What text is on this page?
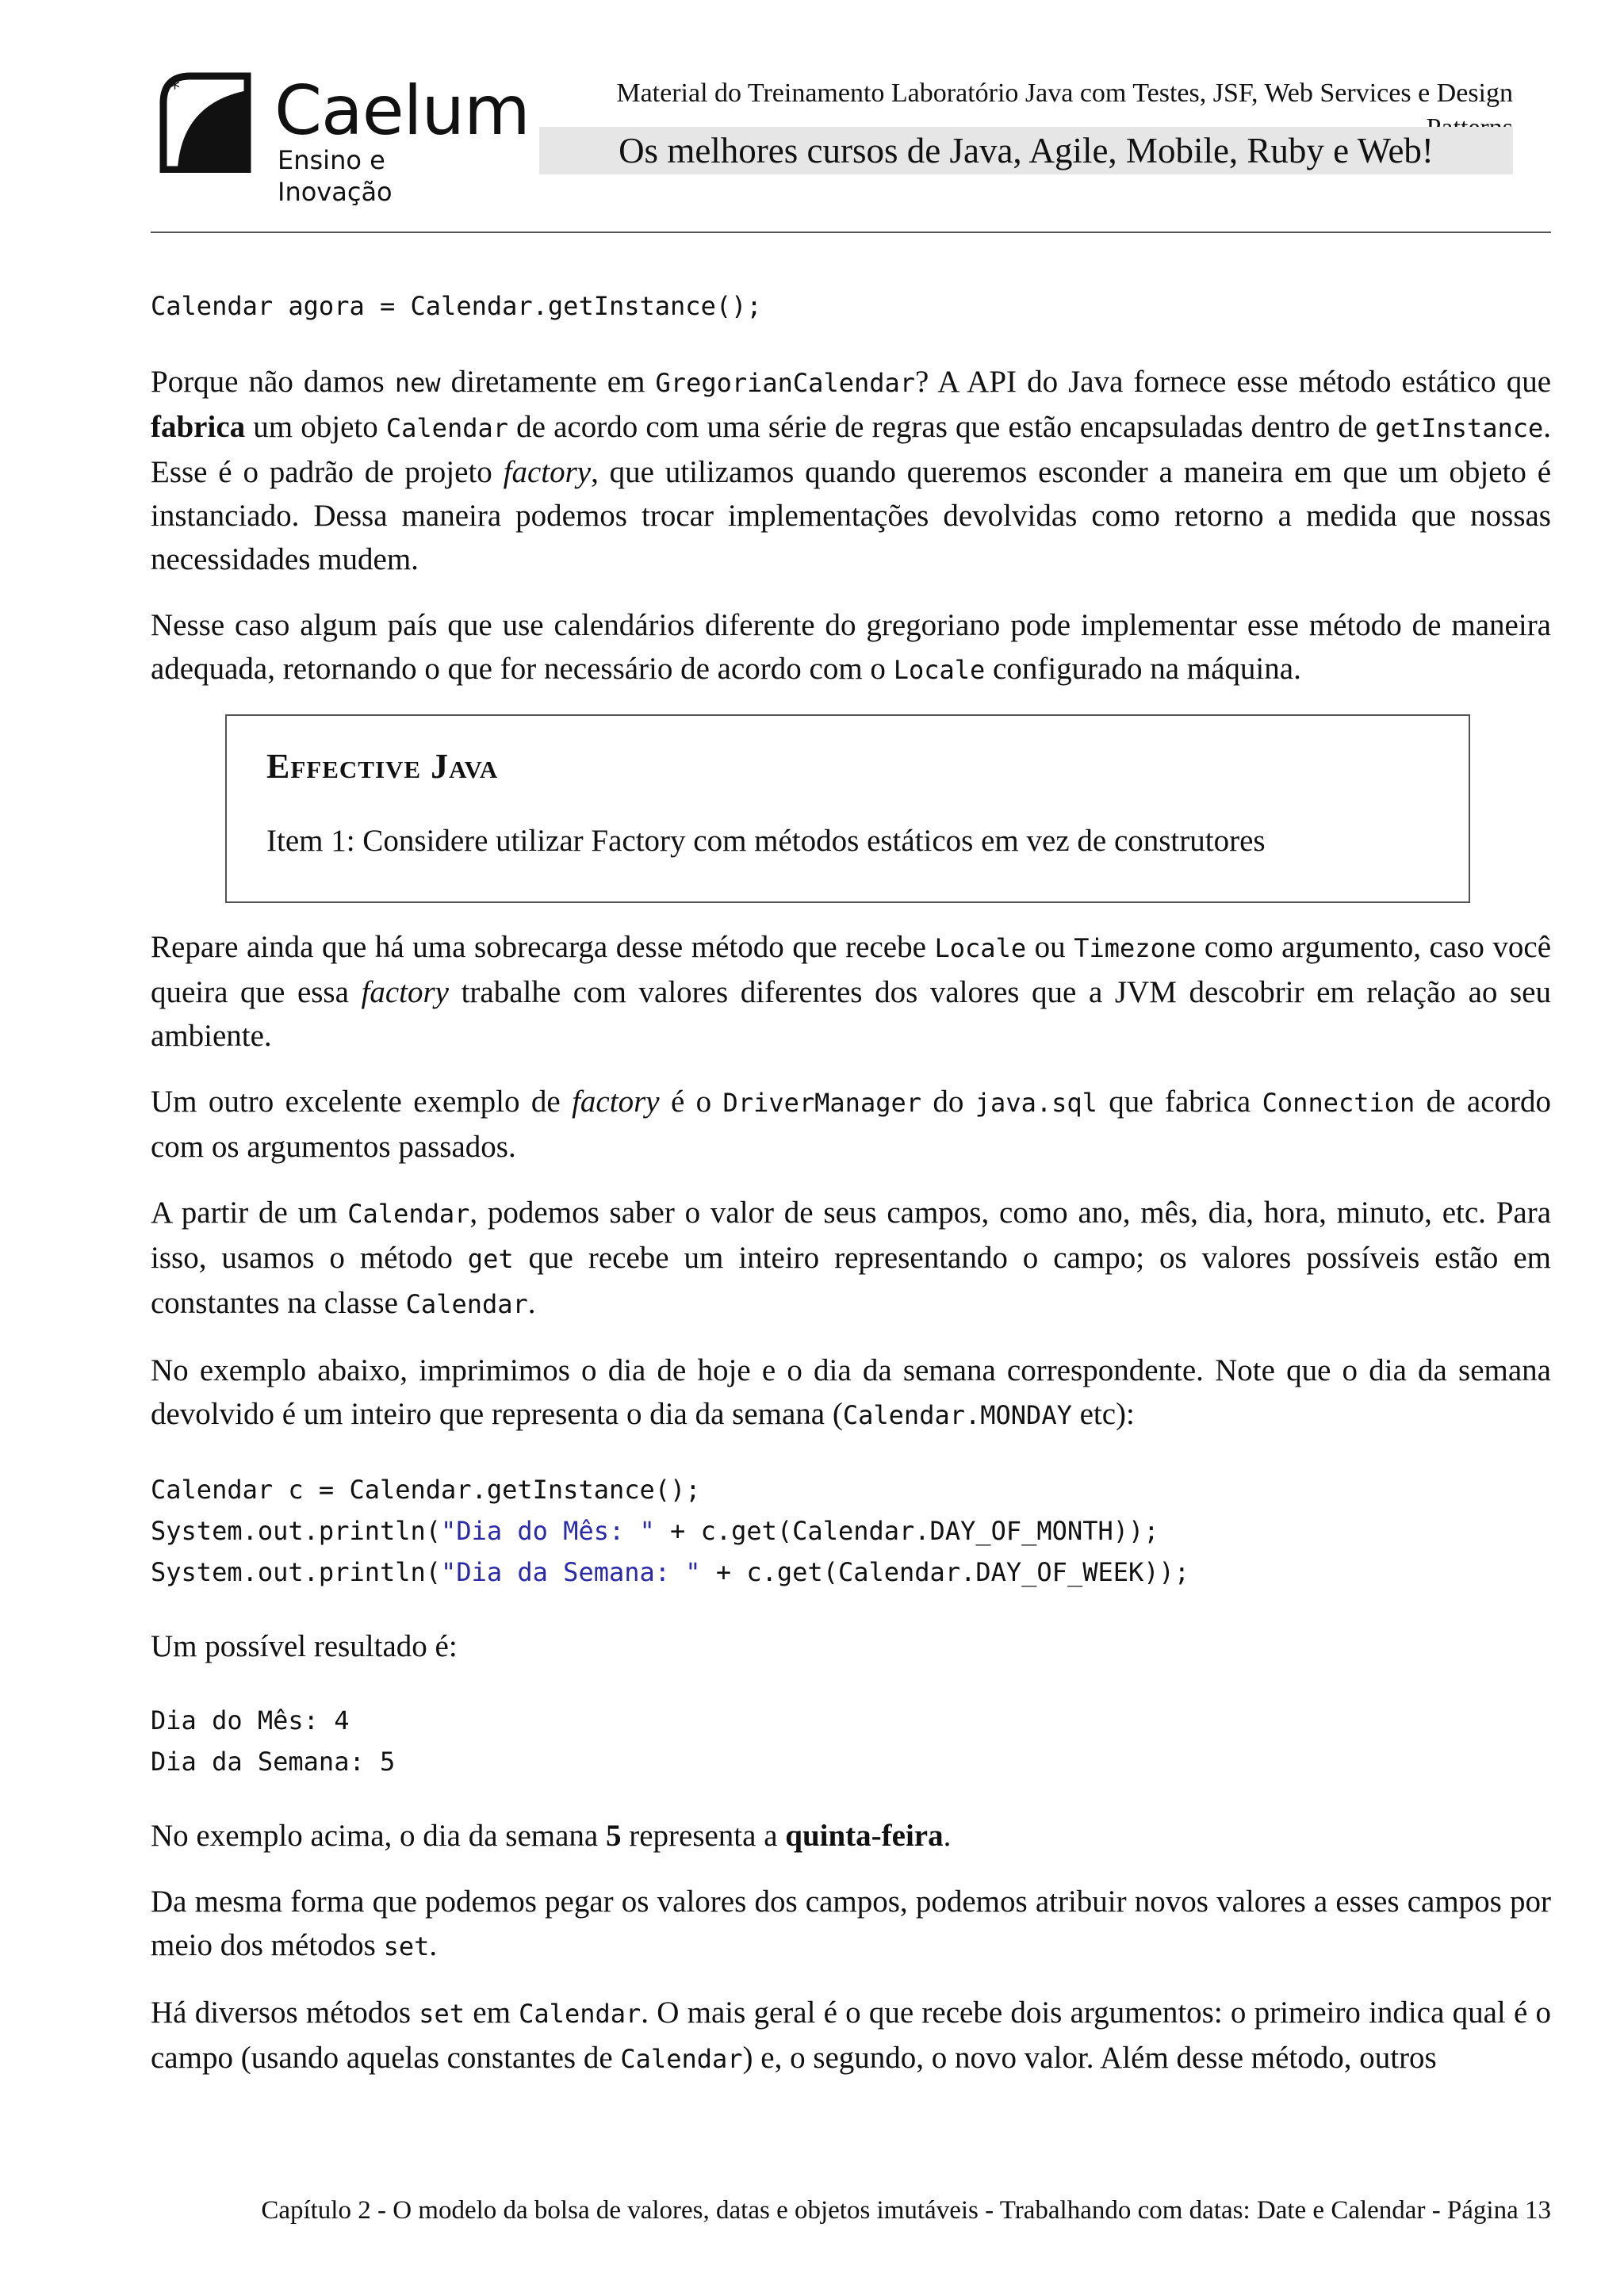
* Caelum
Ensino e Inovação
Material do Treinamento Laboratório Java com Testes, JSF, Web Services e Design
Os melhores cursos de Java, Agile, Mobile, Ruby e Web!
Calendar agora = Calendar.getInstance();

Porque não damos new diretamente em GregorianCalendar? A API do Java fornece esse método estático que fabrica um objeto Calendar de acordo com uma série de regras que estão encapsuladas dentro de getInstance. Esse é o padrão de projeto factory, que utilizamos quando queremos esconder a maneira em que um objeto é instanciado. Dessa maneira podemos trocar implementações devolvidas como retorno a medida que nossas necessidades mudem.

Nesse caso algum país que use calendários diferente do gregoriano pode implementar esse método de maneira adequada, retornando o que for necessário de acordo com o Locale configurado na máquina.

Effective Java
Item 1: Considere utilizar Factory com métodos estáticos em vez de construtores

Repare ainda que há uma sobrecarga desse método que recebe Locale ou Timezone como argumento, caso você queira que essa factory trabalhe com valores diferentes dos valores que a JVM descobrir em relação ao seu ambiente.

Um outro excelente exemplo de factory é o DriverManager do java.sql que fabrica Connection de acordo com os argumentos passados.

A partir de um Calendar, podemos saber o valor de seus campos, como ano, mês, dia, hora, minuto, etc. Para isso, usamos o método get que recebe um inteiro representando o campo; os valores possíveis estão em constantes na classe Calendar.

No exemplo abaixo, imprimimos o dia de hoje e o dia da semana correspondente. Note que o dia da semana devolvido é um inteiro que representa o dia da semana (Calendar.MONDAY etc):

Calendar c = Calendar.getInstance();
System.out.println("Dia do Mês: " + c.get(Calendar.DAY_OF_MONTH));
System.out.println("Dia da Semana: " + c.get(Calendar.DAY_OF_WEEK));

Um possível resultado é:

Dia do Mês: 4
Dia da Semana: 5

No exemplo acima, o dia da semana 5 representa a quinta-feira.

Da mesma forma que podemos pegar os valores dos campos, podemos atribuir novos valores a esses campos por meio dos métodos set.

Há diversos métodos set em Calendar. O mais geral é o que recebe dois argumentos: o primeiro indica qual é o campo (usando aquelas constantes de Calendar) e, o segundo, o novo valor. Além desse método, outros

Capítulo 2 - O modelo da bolsa de valores, datas e objetos imutáveis - Trabalhando com datas: Date e Calendar - Página 13
